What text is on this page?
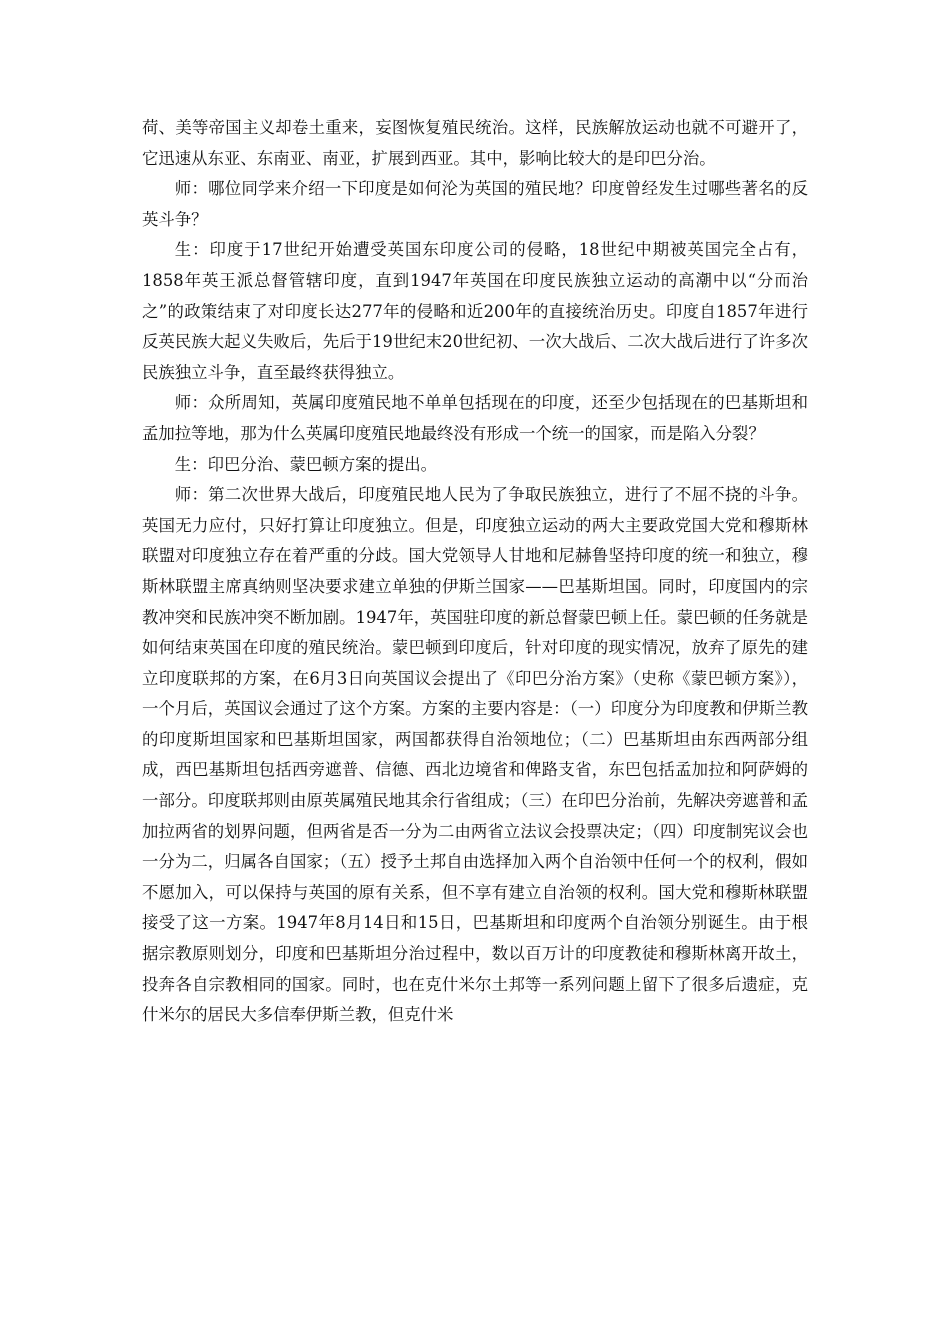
荷、美等帝国主义却卷土重来，妄图恢复殖民统治。这样，民族解放运动也就不可避开了，它迅速从东亚、东南亚、南亚，扩展到西亚。其中，影响比较大的是印巴分治。

师：哪位同学来介绍一下印度是如何沦为英国的殖民地？印度曾经发生过哪些著名的反英斗争？

生：印度于17世纪开始遭受英国东印度公司的侵略，18世纪中期被英国完全占有，1858年英王派总督管辖印度，直到1947年英国在印度民族独立运动的高潮中以“分而治之”的政策结束了对印度长达277年的侵略和近200年的直接统治历史。印度自1857年进行反英民族大起义失败后，先后于19世纪末20世纪初、一次大战后、二次大战后进行了许多次民族独立斗争，直至最终获得独立。

师：众所周知，英属印度殖民地不单单包括现在的印度，还至少包括现在的巴基斯坦和孟加拉等地，那为什么英属印度殖民地最终没有形成一个统一的国家，而是陷入分裂？

生：印巴分治、蒙巴顿方案的提出。

师：第二次世界大战后，印度殖民地人民为了争取民族独立，进行了不屈不挠的斗争。英国无力应付，只好打算让印度独立。但是，印度独立运动的两大主要政党国大党和穆斯林联盟对印度独立存在着严重的分歧。国大党领导人甘地和尼赫鲁坚持印度的统一和独立，穆斯林联盟主席真纳则坚决要求建立单独的伊斯兰国家——巴基斯坦国。同时，印度国内的宗教冲突和民族冲突不断加剧。1947年，英国驻印度的新总督蒙巴顿上任。蒙巴顿的任务就是如何结束英国在印度的殖民统治。蒙巴顿到印度后，针对印度的现实情况，放弃了原先的建立印度联邦的方案，在6月3日向英国议会提出了《印巴分治方案》（史称《蒙巴顿方案》），一个月后，英国议会通过了这个方案。方案的主要内容是：（一）印度分为印度教和伊斯兰教的印度斯坦国家和巴基斯坦国家，两国都获得自治领地位；（二）巴基斯坦由东西两部分组成，西巴基斯坦包括西旁遮普、信德、西北边境省和俾路支省，东巴包括孟加拉和阿萨姆的一部分。印度联邦则由原英属殖民地其余行省组成；（三）在印巴分治前，先解决旁遮普和孟加拉两省的划界问题，但两省是否一分为二由两省立法议会投票决定；（四）印度制宪议会也一分为二，归属各自国家；（五）授予土邦自由选择加入两个自治领中任何一个的权利，假如不愿加入，可以保持与英国的原有关系，但不享有建立自治领的权利。国大党和穆斯林联盟接受了这一方案。1947年8月14日和15日，巴基斯坦和印度两个自治领分别诞生。由于根据宗教原则划分，印度和巴基斯坦分治过程中，数以百万计的印度教徒和穆斯林离开故土，投奔各自宗教相同的国家。同时，也在克什米尔土邦等一系列问题上留下了很多后遗症，克什米尔的居民大多信奉伊斯兰教，但克什米
